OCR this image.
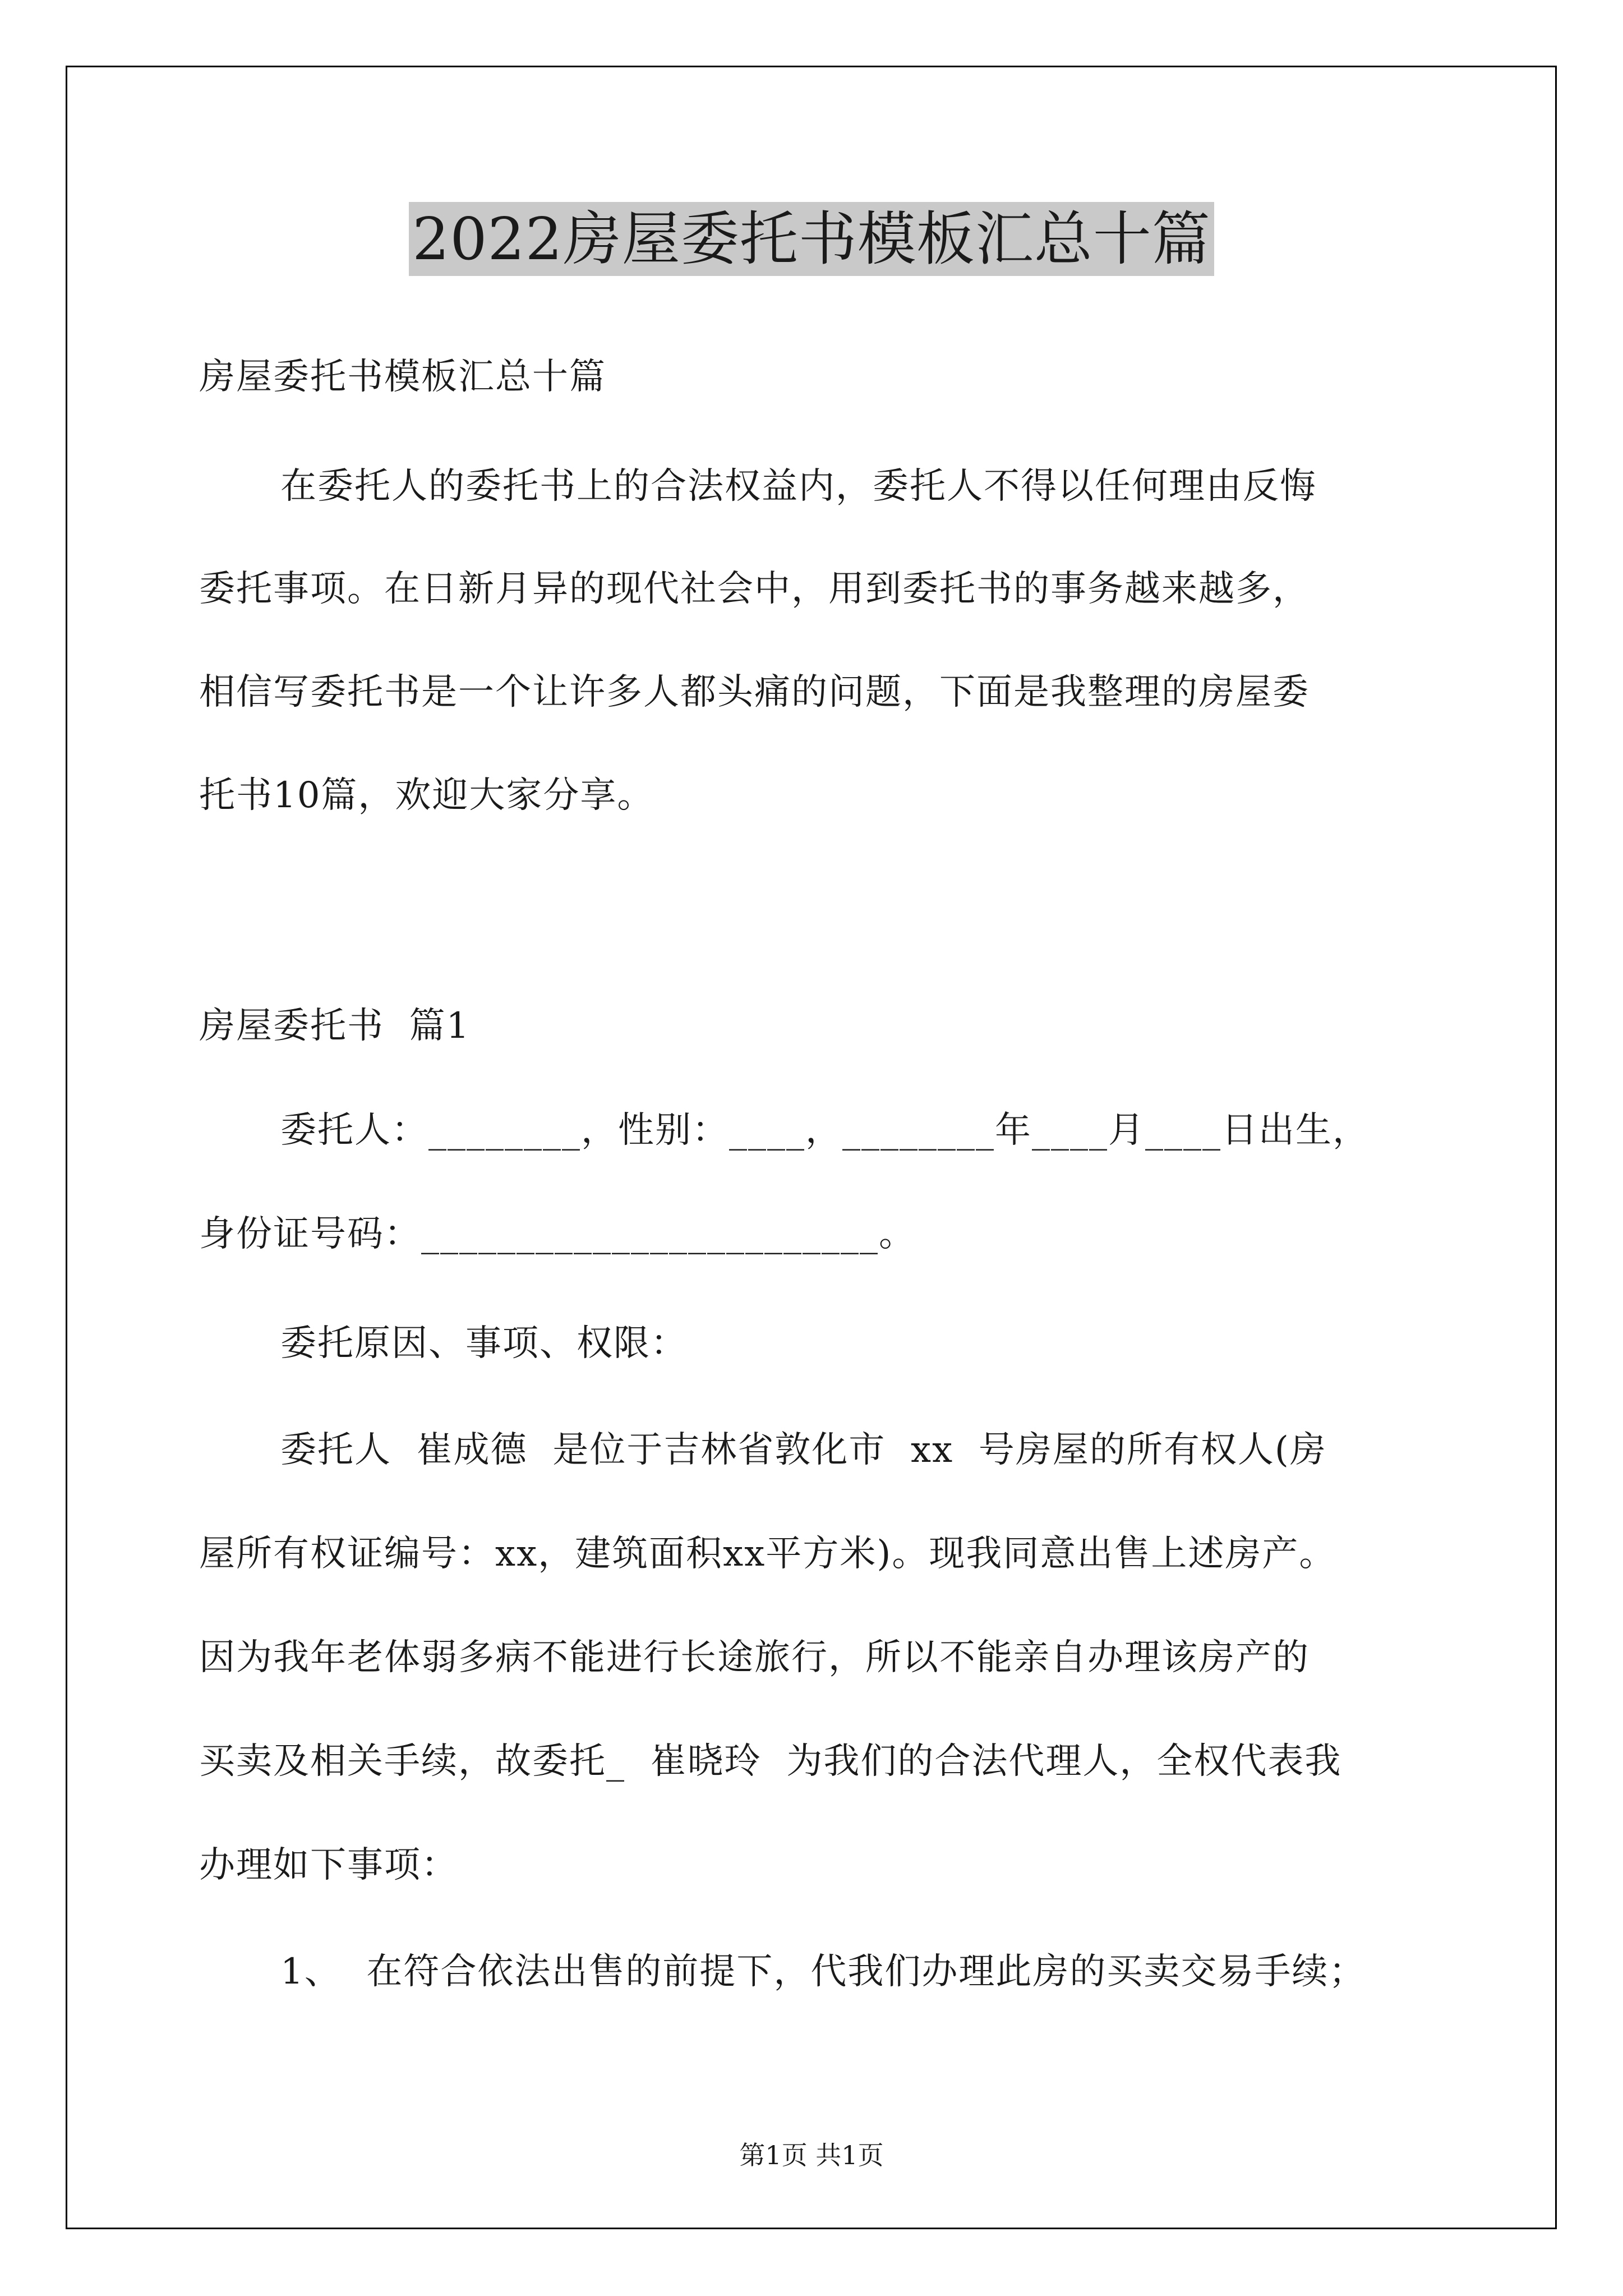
2022房屋委托书模板汇总十篇
房屋委托书模板汇总十篇
在委托人的委托书上的合法权益内，委托人不得以任何理由反悔
委托事项。在日新月异的现代社会中，用到委托书的事务越来越多，
相信写委托书是一个让许多人都头痛的问题，下面是我整理的房屋委
托书10篇，欢迎大家分享。
房屋委托书  篇1
委托人：________，性别：____，________年____月____日出生，
身份证号码：________________________。
委托原因、事项、权限：
委托人  崔成德  是位于吉林省敦化市  xx  号房屋的所有权人(房
屋所有权证编号：xx，建筑面积xx平方米)。现我同意出售上述房产。
因为我年老体弱多病不能进行长途旅行，所以不能亲自办理该房产的
买卖及相关手续，故委托_  崔晓玲  为我们的合法代理人，全权代表我
办理如下事项：
1、  在符合依法出售的前提下，代我们办理此房的买卖交易手续；
第1页 共1页
